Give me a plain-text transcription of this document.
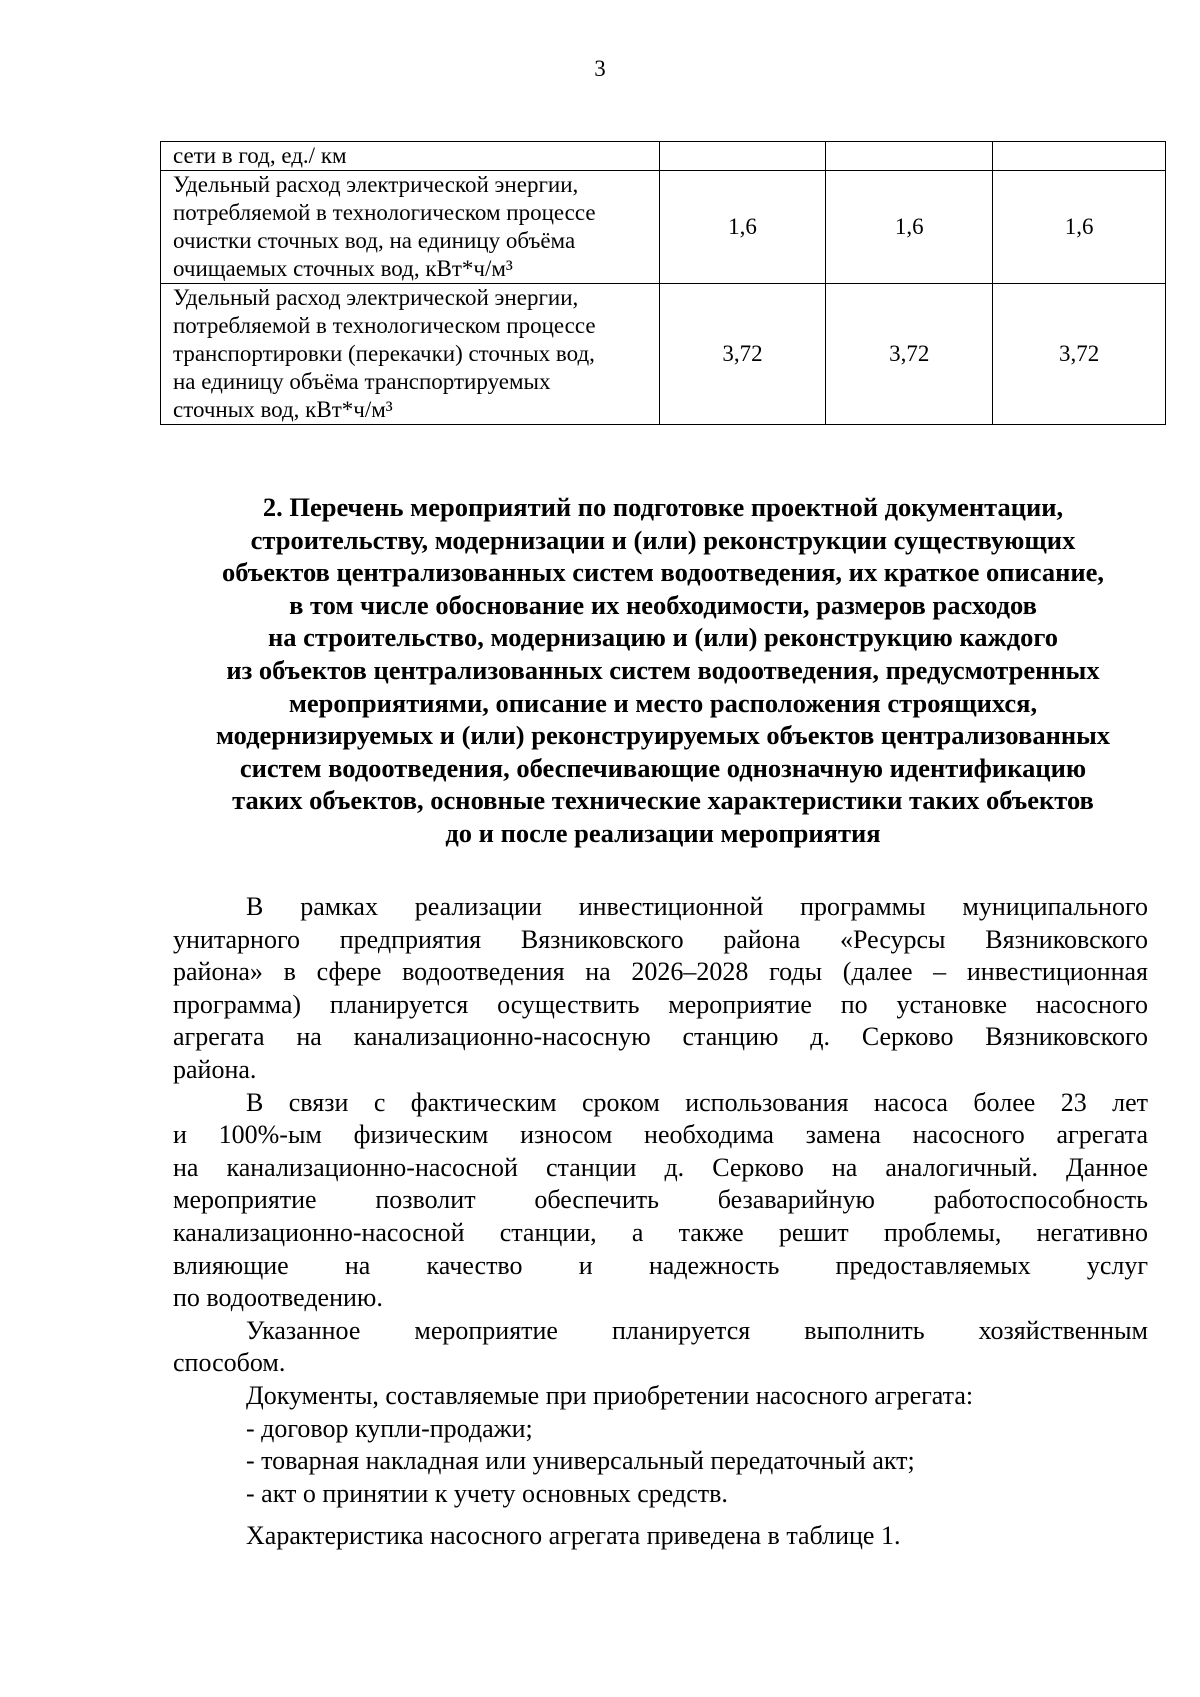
3
сети в год, ед./ км			

Удельный расход электрической энергии,
потребляемой в технологическом процессе
очистки сточных вод, на единицу объёма
очищаемых сточных вод, кВт*ч/м³	1,6	1,6	1,6

Удельный расход электрической энергии,
потребляемой в технологическом процессе
транспортировки (перекачки) сточных вод,
на единицу объёма транспортируемых
сточных вод, кВт*ч/м³	3,72	3,72	3,72
2. Перечень мероприятий по подготовке проектной документации,
строительству, модернизации и (или) реконструкции существующих
объектов централизованных систем водоотведения, их краткое описание,
в том числе обоснование их необходимости, размеров расходов
на строительство, модернизацию и (или) реконструкцию каждого
из объектов централизованных систем водоотведения, предусмотренных
мероприятиями, описание и место расположения строящихся,
модернизируемых и (или) реконструируемых объектов централизованных
систем водоотведения, обеспечивающие однозначную идентификацию
таких объектов, основные технические характеристики таких объектов
до и после реализации мероприятия
В рамках реализации инвестиционной программы муниципального
унитарного предприятия Вязниковского района «Ресурсы Вязниковского
района» в сфере водоотведения на 2026–2028 годы (далее – инвестиционная
программа) планируется осуществить мероприятие по установке насосного
агрегата на канализационно-насосную станцию д. Серково Вязниковского
района.
В связи с фактическим сроком использования насоса более 23 лет
и 100%-ым физическим износом необходима замена насосного агрегата
на канализационно-насосной станции д. Серково на аналогичный. Данное
мероприятие позволит обеспечить безаварийную работоспособность
канализационно-насосной станции, а также решит проблемы, негативно
влияющие на качество и надежность предоставляемых услуг
по водоотведению.
Указанное мероприятие планируется выполнить хозяйственным
способом.
Документы, составляемые при приобретении насосного агрегата:
- договор купли-продажи;
- товарная накладная или универсальный передаточный акт;
- акт о принятии к учету основных средств.
Характеристика насосного агрегата приведена в таблице 1.
